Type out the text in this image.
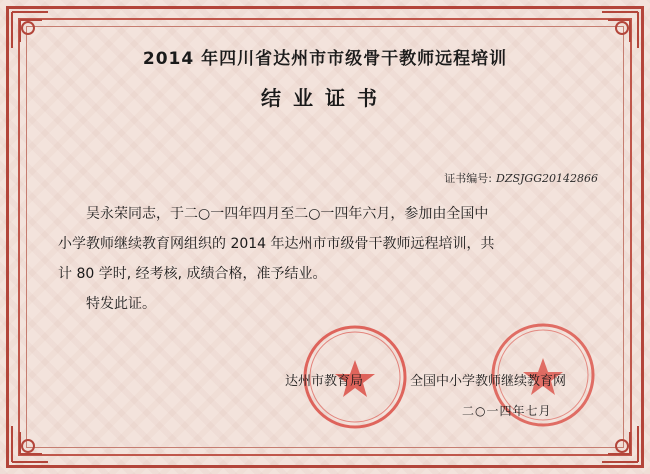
2014 年四川省达州市市级骨干教师远程培训
结业证书
证书编号: DZSJGG20142866

吴永荣同志，于二○一四年四月至二○一四年六月，参加由全国中

小学教师继续教育网组织的 2014 年达州市市级骨干教师远程培训，共

计 80 学时, 经考核, 成绩合格，准予结业。

特发此证。

达州市教育局	全国中小学教师继续教育网
二○一四年七月
